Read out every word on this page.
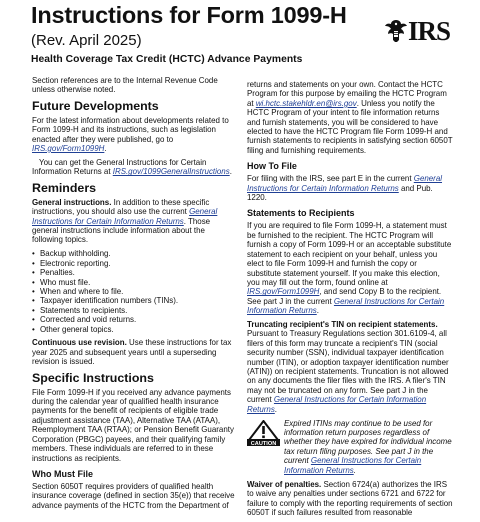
Instructions for Form 1099-H
(Rev. April 2025)
Health Coverage Tax Credit (HCTC) Advance Payments
IRS

Section references are to the Internal Revenue Code unless otherwise noted.

Future Developments

For the latest information about developments related to Form 1099-H and its instructions, such as legislation enacted after they were published, go to IRS.gov/Form1099H.

You can get the General Instructions for Certain Information Returns at IRS.gov/1099GeneralInstructions.

Reminders

General instructions. In addition to these specific instructions, you should also use the current General Instructions for Certain Information Returns. Those general instructions include information about the following topics.

• Backup withholding.
• Electronic reporting.
• Penalties.
• Who must file.
• When and where to file.
• Taxpayer identification numbers (TINs).
• Statements to recipients.
• Corrected and void returns.
• Other general topics.

Continuous use revision. Use these instructions for tax year 2025 and subsequent years until a superseding revision is issued.

Specific Instructions

File Form 1099-H if you received any advance payments during the calendar year of qualified health insurance payments for the benefit of recipients of eligible trade adjustment assistance (TAA), Alternative TAA (ATAA), Reemployment TAA (RTAA); or Pension Benefit Guaranty Corporation (PBGC) payees, and their qualifying family members. These individuals are referred to in these instructions as recipients.

Who Must File

Section 6050T requires providers of qualified health insurance coverage (defined in section 35(e)) that receive advance payments of the HCTC from the Department of

returns and statements on your own. Contact the HCTC Program for this purpose by emailing the HCTC Program at wi.hctc.stakehldr.en@irs.gov. Unless you notify the HCTC Program of your intent to file information returns and furnish statements, you will be considered to have elected to have the HCTC Program file Form 1099-H and furnish statements to recipients in satisfying section 6050T filing and furnishing requirements.

How To File

For filing with the IRS, see part E in the current General Instructions for Certain Information Returns and Pub. 1220.

Statements to Recipients

If you are required to file Form 1099-H, a statement must be furnished to the recipient. The HCTC Program will furnish a copy of Form 1099-H or an acceptable substitute statement to each recipient on your behalf, unless you elect to file Form 1099-H and furnish the copy or substitute statement yourself. If you make this election, you may fill out the form, found online at IRS.gov/Form1099H, and send Copy B to the recipient. See part J in the current General Instructions for Certain Information Returns.

Truncating recipient's TIN on recipient statements. Pursuant to Treasury Regulations section 301.6109-4, all filers of this form may truncate a recipient's TIN (social security number (SSN), individual taxpayer identification number (ITIN), or adoption taxpayer identification number (ATIN)) on recipient statements. Truncation is not allowed on any documents the filer files with the IRS. A filer's TIN may not be truncated on any form. See part J in the current General Instructions for Certain Information Returns.

CAUTION
Expired ITINs may continue to be used for information return purposes regardless of whether they have expired for individual income tax return filing purposes. See part J in the current General Instructions for Certain Information Returns.

Waiver of penalties. Section 6724(a) authorizes the IRS to waive any penalties under sections 6721 and 6722 for failure to comply with the reporting requirements of section 6050T if such failures resulted from reasonable
